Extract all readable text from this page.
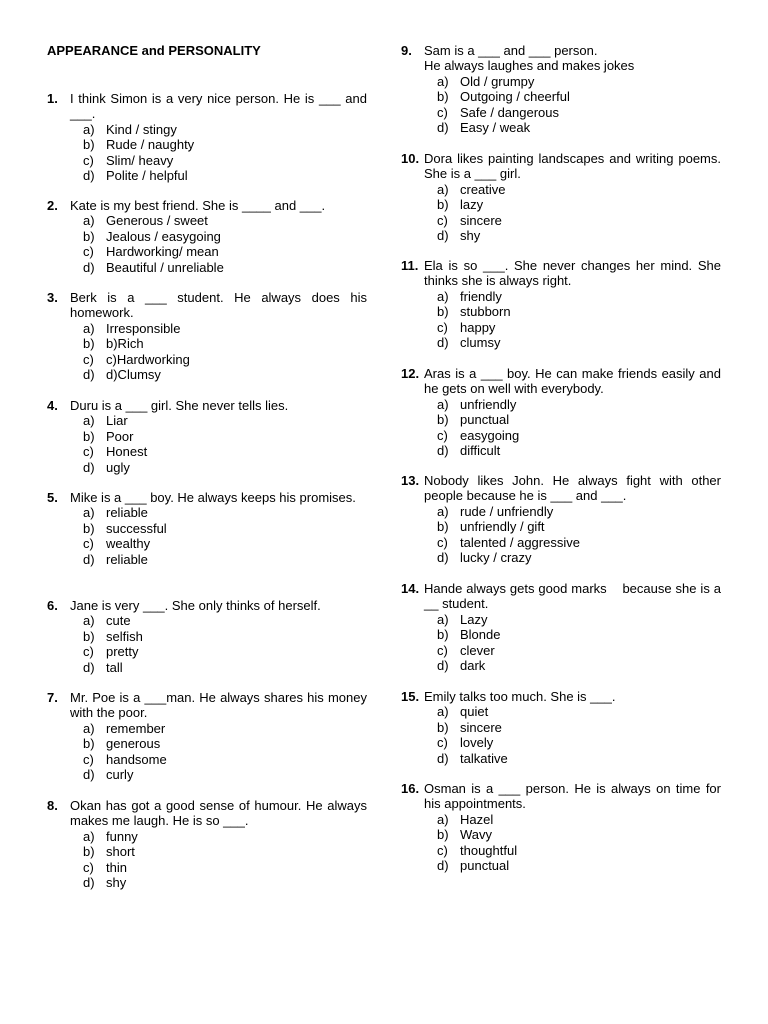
APPEARANCE and PERSONALITY
1. I think Simon is a very nice person. He is ___ and ___.
a) Kind / stingy
b) Rude / naughty
c) Slim/ heavy
d) Polite / helpful
2. Kate is my best friend. She is ____ and ___.
a) Generous / sweet
b) Jealous / easygoing
c) Hardworking/ mean
d) Beautiful / unreliable
3. Berk is a ___ student. He always does his homework.
a) Irresponsible
b) b)Rich
c) c)Hardworking
d) d)Clumsy
4. Duru is a ___ girl. She never tells lies.
a) Liar
b) Poor
c) Honest
d) ugly
5. Mike is a ___ boy. He always keeps his promises.
a) reliable
b) successful
c) wealthy
d) reliable
6. Jane is very ___. She only thinks of herself.
a) cute
b) selfish
c) pretty
d) tall
7. Mr. Poe is a ___man. He always shares his money with the poor.
a) remember
b) generous
c) handsome
d) curly
8. Okan has got a good sense of humour. He always makes me laugh. He is so ___.
a) funny
b) short
c) thin
d) shy
9. Sam is a ___ and ___ person.
He always laughes and makes jokes
a) Old / grumpy
b) Outgoing / cheerful
c) Safe / dangerous
d) Easy / weak
10. Dora likes painting landscapes and writing poems. She is a ___ girl.
a) creative
b) lazy
c) sincere
d) shy
11. Ela is so ___. She never changes her mind. She thinks she is always right.
a) friendly
b) stubborn
c) happy
d) clumsy
12. Aras is a ___ boy. He can make friends easily and he gets on well with everybody.
a) unfriendly
b) punctual
c) easygoing
d) difficult
13. Nobody likes John. He always fight with other people because he is ___ and ___.
a) rude / unfriendly
b) unfriendly / gift
c) talented / aggressive
d) lucky / crazy
14. Hande always gets good marks    because she is a __ student.
a) Lazy
b) Blonde
c) clever
d) dark
15. Emily talks too much. She is ___.
a) quiet
b) sincere
c) lovely
d) talkative
16. Osman is a ___ person. He is always on time for his appointments.
a) Hazel
b) Wavy
c) thoughtful
d) punctual
